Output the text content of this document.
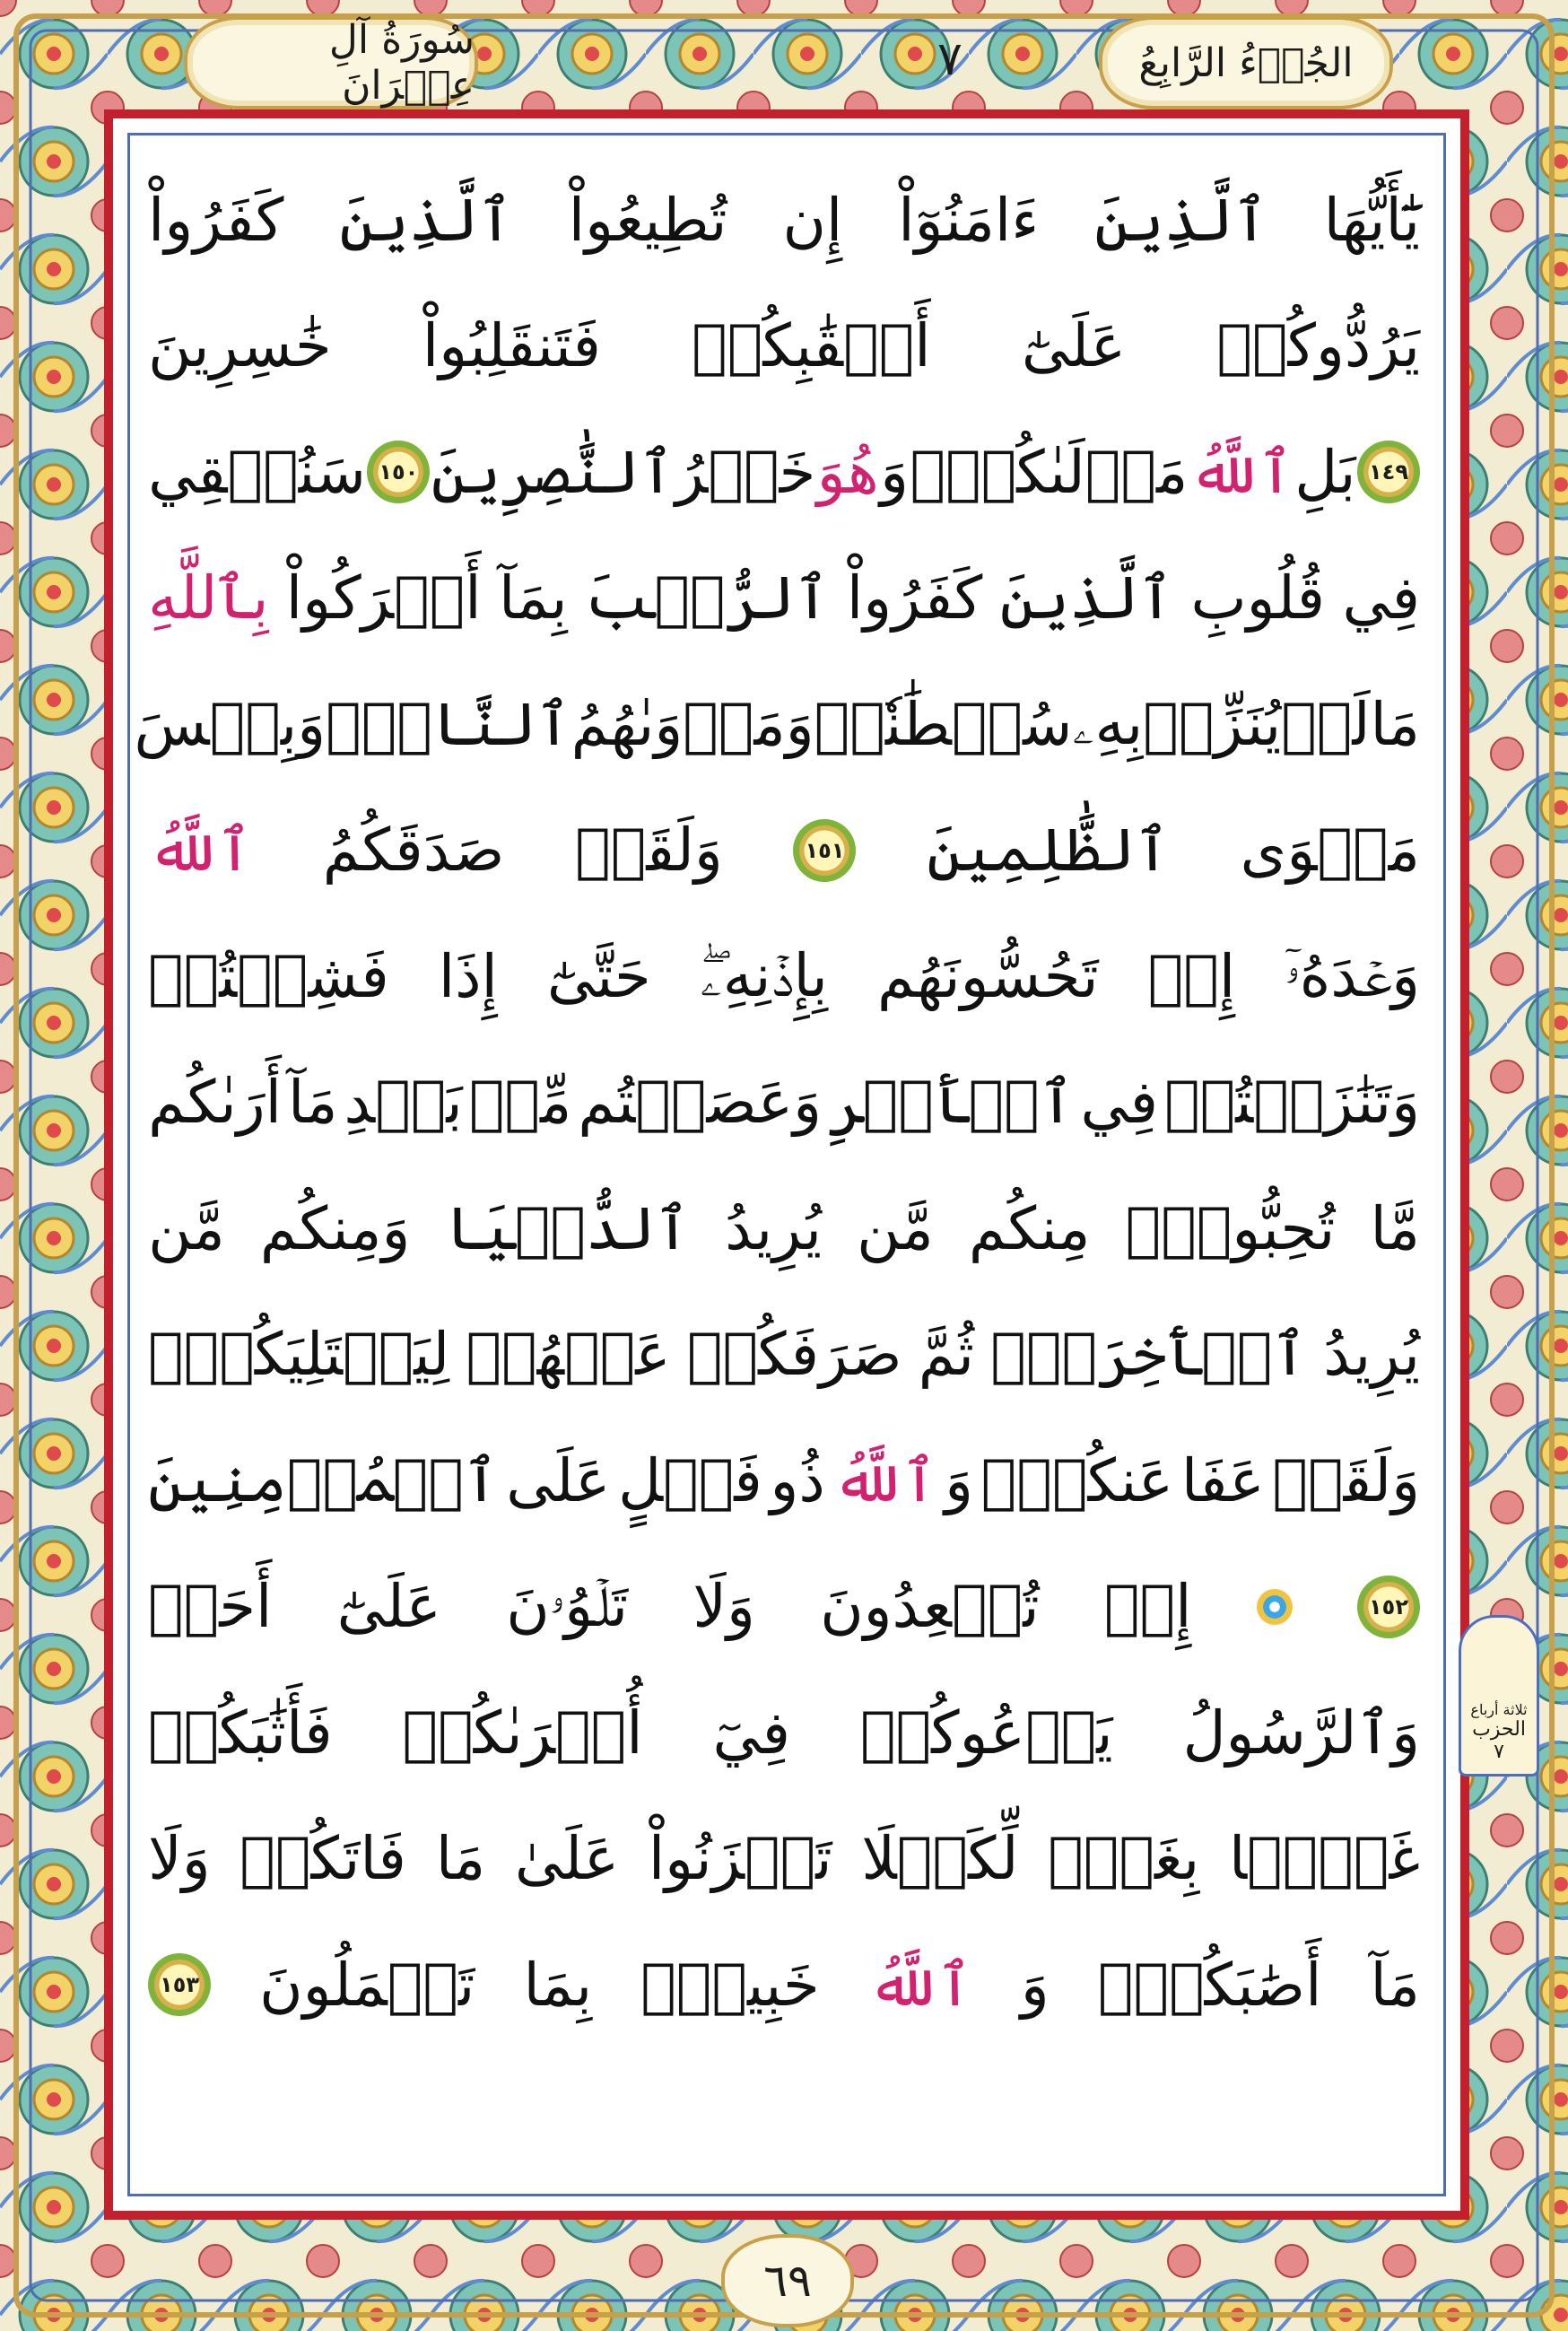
سُورَةُ آلِ عِمۡرَانَ	٧	الجُزۡءُ الرَّابِعُ
يَٰٓأَيُّهَا
ٱلَّذِينَ
ءَامَنُوٓاْ
إِن
تُطِيعُواْ
ٱلَّذِينَ
كَفَرُواْ
يَرُدُّوكُمۡ
عَلَىٰٓ
أَعۡقَٰبِكُمۡ
فَتَنقَلِبُواْ
خَٰسِرِينَ
١٤٩
بَلِ
ٱللَّهُ
مَوۡلَىٰكُمۡۖ
وَ
هُوَ
خَيۡرُ
ٱلنَّٰصِرِينَ
١٥٠
سَنُلۡقِي
فِي
قُلُوبِ
ٱلَّذِينَ
كَفَرُواْ
ٱلرُّعۡبَ
بِمَآ
أَشۡرَكُواْ
بِٱللَّهِ
مَا
لَمۡ
يُنَزِّلۡ
بِهِۦ
سُلۡطَٰنٗاۖ
وَمَأۡوَىٰهُمُ
ٱلنَّارُۖ
وَبِئۡسَ
مَثۡوَى
ٱلظَّٰلِمِينَ
١٥١
وَلَقَدۡ
صَدَقَكُمُ
ٱللَّهُ
وَعۡدَهُۥٓ
إِذۡ
تَحُسُّونَهُم
بِإِذۡنِهِۦۖ
حَتَّىٰٓ
إِذَا
فَشِلۡتُمۡ
وَتَنَٰزَعۡتُمۡ
فِي
ٱلۡأَمۡرِ
وَعَصَيۡتُم
مِّنۢ
بَعۡدِ
مَآ
أَرَىٰكُم
مَّا
تُحِبُّونَۚ
مِنكُم
مَّن
يُرِيدُ
ٱلدُّنۡيَا
وَمِنكُم
مَّن
يُرِيدُ
ٱلۡأٓخِرَةَۚ
ثُمَّ
صَرَفَكُمۡ
عَنۡهُمۡ
لِيَبۡتَلِيَكُمۡۖ
وَلَقَدۡ
عَفَا
عَنكُمۡۗ
وَ
ٱللَّهُ
ذُو
فَضۡلٍ
عَلَى
ٱلۡمُؤۡمِنِينَ
١٥٢
إِذۡ
تُصۡعِدُونَ
وَلَا
تَلۡوُۥنَ
عَلَىٰٓ
أَحَدٖ
وَٱلرَّسُولُ
يَدۡعُوكُمۡ
فِيٓ
أُخۡرَىٰكُمۡ
فَأَثَٰبَكُمۡ
غَمَّۢا
بِغَمّٖ
لِّكَيۡلَا
تَحۡزَنُواْ
عَلَىٰ
مَا
فَاتَكُمۡ
وَلَا
مَآ
أَصَٰبَكُمۡۗ
وَ
ٱللَّهُ
خَبِيرُۢ
بِمَا
تَعۡمَلُونَ
١٥٣
ثلاثة أرباع
الحزب
٧
٦٩
